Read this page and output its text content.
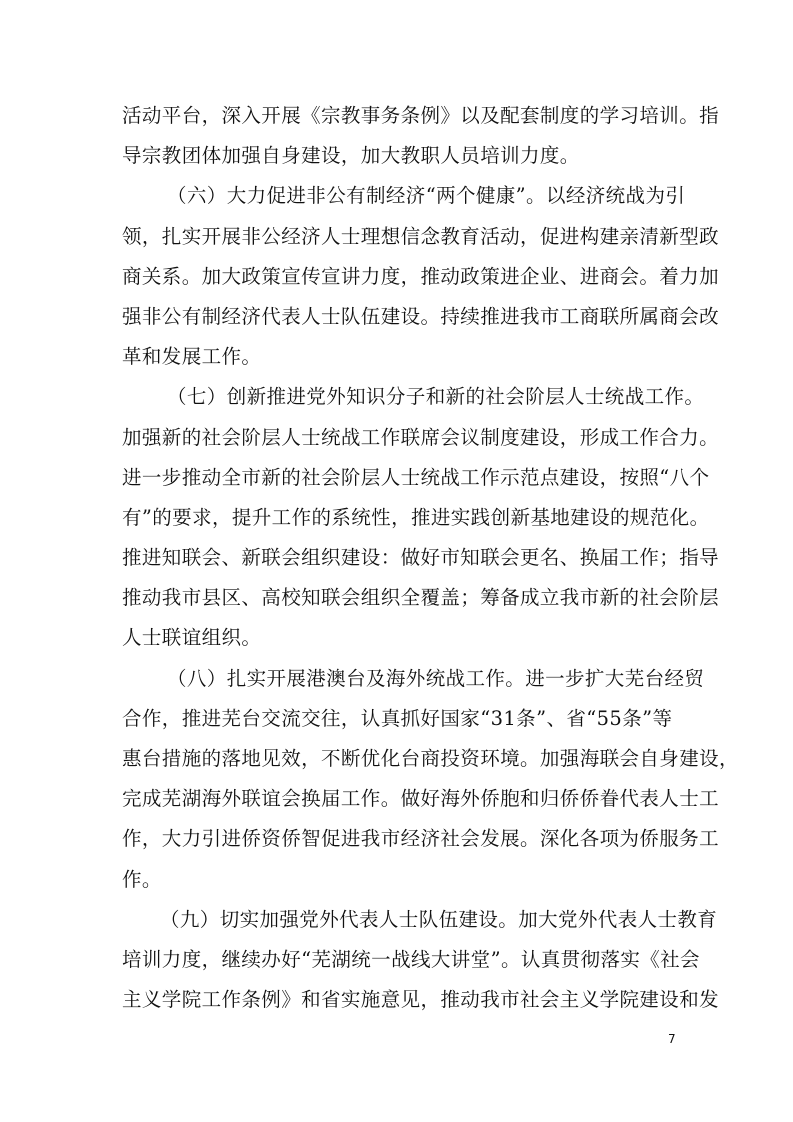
活动平台，深入开展《宗教事务条例》以及配套制度的学习培训。指
导宗教团体加强自身建设，加大教职人员培训力度。
（六）大力促进非公有制经济“两个健康”。以经济统战为引
领，扎实开展非公经济人士理想信念教育活动，促进构建亲清新型政
商关系。加大政策宣传宣讲力度，推动政策进企业、进商会。着力加
强非公有制经济代表人士队伍建设。持续推进我市工商联所属商会改
革和发展工作。
（七）创新推进党外知识分子和新的社会阶层人士统战工作。
加强新的社会阶层人士统战工作联席会议制度建设，形成工作合力。
进一步推动全市新的社会阶层人士统战工作示范点建设，按照“八个
有”的要求，提升工作的系统性，推进实践创新基地建设的规范化。
推进知联会、新联会组织建设：做好市知联会更名、换届工作；指导
推动我市县区、高校知联会组织全覆盖；筹备成立我市新的社会阶层
人士联谊组织。
（八）扎实开展港澳台及海外统战工作。进一步扩大芜台经贸
合作，推进芜台交流交往，认真抓好国家“31条”、省“55条”等
惠台措施的落地见效，不断优化台商投资环境。加强海联会自身建设，
完成芜湖海外联谊会换届工作。做好海外侨胞和归侨侨眷代表人士工
作，大力引进侨资侨智促进我市经济社会发展。深化各项为侨服务工
作。
（九）切实加强党外代表人士队伍建设。加大党外代表人士教育
培训力度，继续办好“芜湖统一战线大讲堂”。认真贯彻落实《社会
主义学院工作条例》和省实施意见，推动我市社会主义学院建设和发
7
